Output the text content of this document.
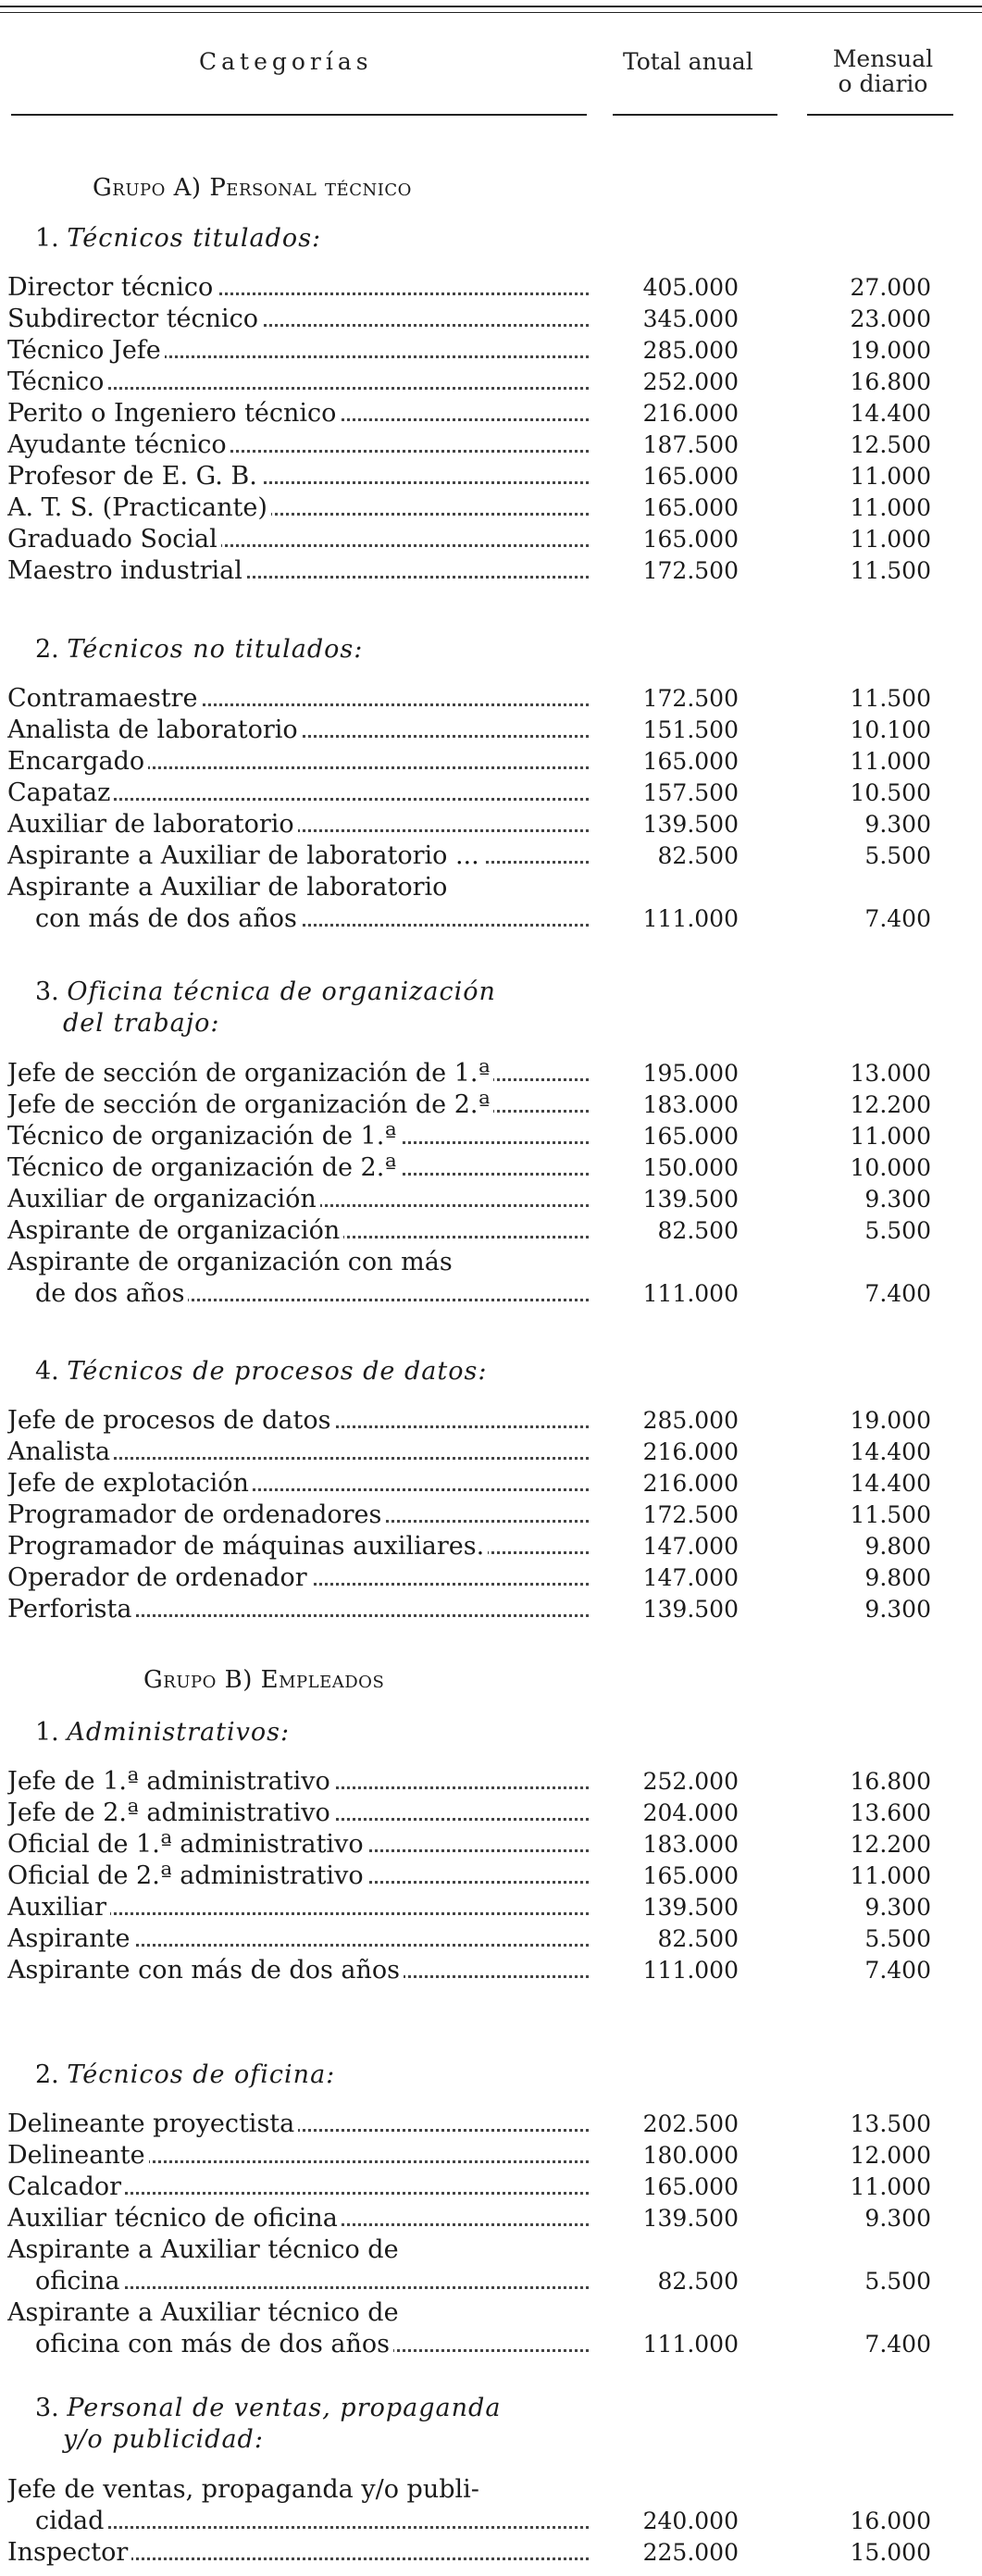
Categorías	Total anual	Mensual
o diario
Grupo A) Personal técnico
1. Técnicos titulados:
Director técnico	405.000	27.000
Subdirector técnico	345.000	23.000
Técnico Jefe	285.000	19.000
Técnico	252.000	16.800
Perito o Ingeniero técnico	216.000	14.400
Ayudante técnico	187.500	12.500
Profesor de E. G. B.	165.000	11.000
A. T. S. (Practicante)	165.000	11.000
Graduado Social	165.000	11.000
Maestro industrial	172.500	11.500
2. Técnicos no titulados:
Contramaestre	172.500	11.500
Analista de laboratorio	151.500	10.100
Encargado	165.000	11.000
Capataz	157.500	10.500
Auxiliar de laboratorio	139.500	9.300
Aspirante a Auxiliar de laboratorio ...	82.500	5.500
Aspirante a Auxiliar de laboratorio
con más de dos años	111.000	7.400
3. Oficina técnica de organización
del trabajo:
Jefe de sección de organización de 1.ª	195.000	13.000
Jefe de sección de organización de 2.ª	183.000	12.200
Técnico de organización de 1.ª	165.000	11.000
Técnico de organización de 2.ª	150.000	10.000
Auxiliar de organización	139.500	9.300
Aspirante de organización	82.500	5.500
Aspirante de organización con más
de dos años	111.000	7.400
4. Técnicos de procesos de datos:
Jefe de procesos de datos	285.000	19.000
Analista	216.000	14.400
Jefe de explotación	216.000	14.400
Programador de ordenadores	172.500	11.500
Programador de máquinas auxiliares.	147.000	9.800
Operador de ordenador	147.000	9.800
Perforista	139.500	9.300
Grupo B) Empleados
1. Administrativos:
Jefe de 1.ª administrativo	252.000	16.800
Jefe de 2.ª administrativo	204.000	13.600
Oficial de 1.ª administrativo	183.000	12.200
Oficial de 2.ª administrativo	165.000	11.000
Auxiliar	139.500	9.300
Aspirante	82.500	5.500
Aspirante con más de dos años	111.000	7.400
2. Técnicos de oficina:
Delineante proyectista	202.500	13.500
Delineante	180.000	12.000
Calcador	165.000	11.000
Auxiliar técnico de oficina	139.500	9.300
Aspirante a Auxiliar técnico de
oficina	82.500	5.500
Aspirante a Auxiliar técnico de
oficina con más de dos años	111.000	7.400
3. Personal de ventas, propaganda
y/o publicidad:
Jefe de ventas, propaganda y/o publi-
cidad	240.000	16.000
Inspector	225.000	15.000
